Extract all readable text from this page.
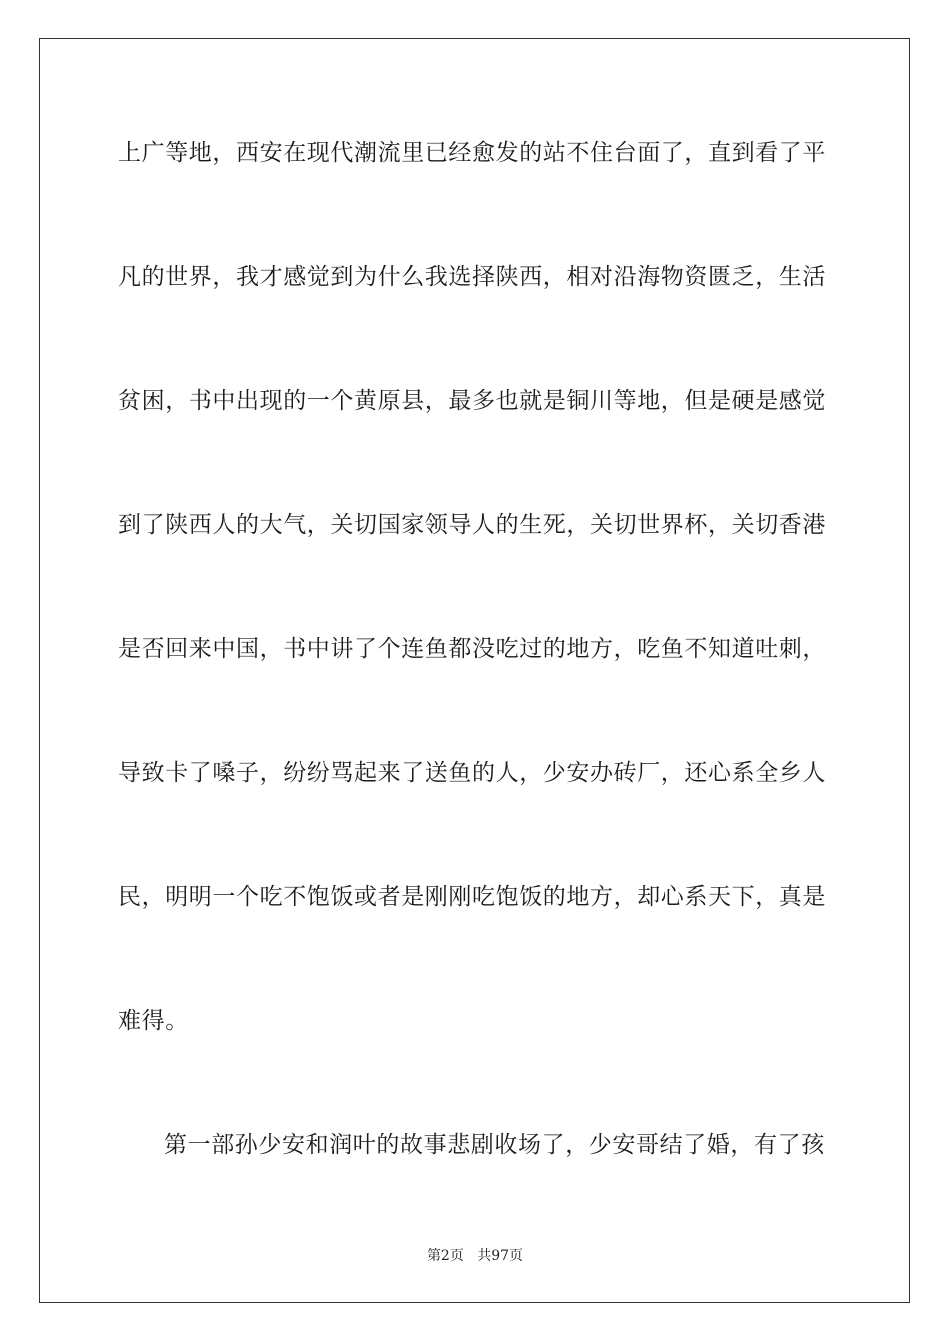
上广等地，西安在现代潮流里已经愈发的站不住台面了，直到看了平
凡的世界，我才感觉到为什么我选择陕西，相对沿海物资匮乏，生活
贫困，书中出现的一个黄原县，最多也就是铜川等地，但是硬是感觉
到了陕西人的大气，关切国家领导人的生死，关切世界杯，关切香港
是否回来中国，书中讲了个连鱼都没吃过的地方，吃鱼不知道吐刺，
导致卡了嗓子，纷纷骂起来了送鱼的人，少安办砖厂，还心系全乡人
民，明明一个吃不饱饭或者是刚刚吃饱饭的地方，却心系天下，真是
难得。
第一部孙少安和润叶的故事悲剧收场了，少安哥结了婚，有了孩
第2页 共97页
